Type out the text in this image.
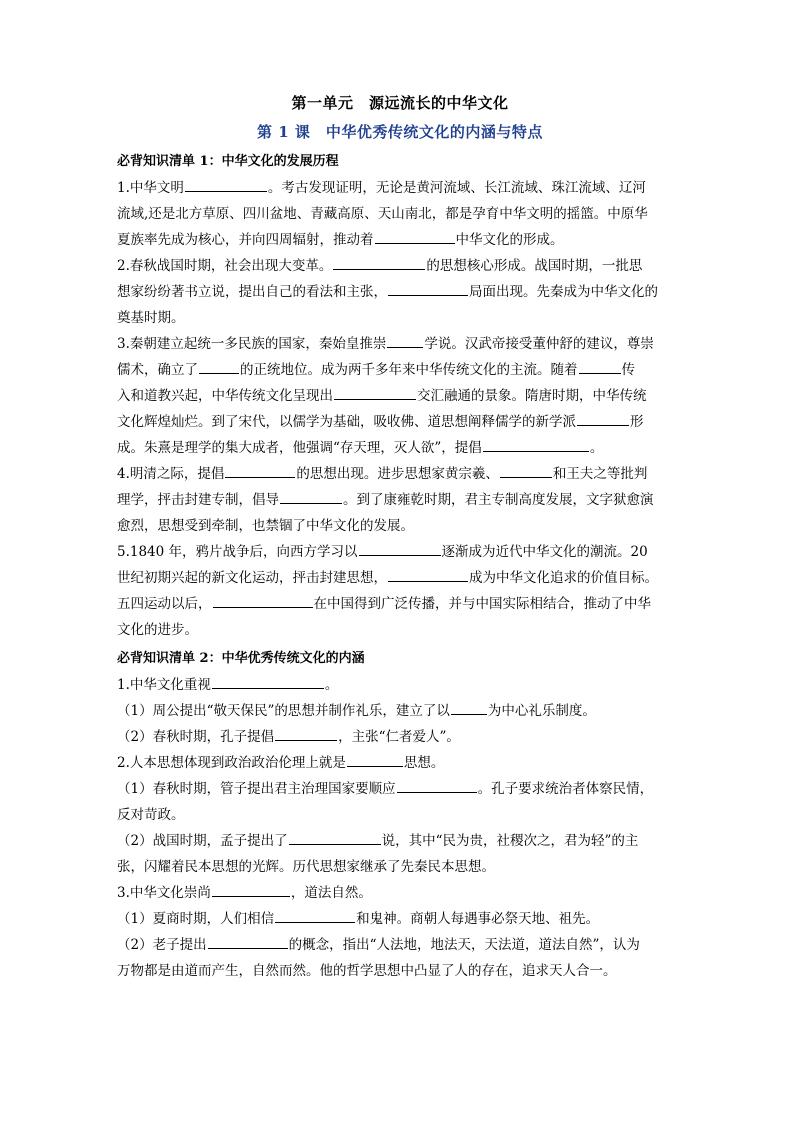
第一单元　源远流长的中华文化

第 1 课　中华优秀传统文化的内涵与特点

必背知识清单 1：中华文化的发展历程

1.中华文明	。考古发现证明，无论是黄河流域、长江流域、珠江流域、辽河
流域,还是北方草原、四川盆地、青藏高原、天山南北，都是孕育中华文明的摇篮。中原华
夏族率先成为核心，并向四周辐射，推动着	中华文化的形成。

2.春秋战国时期，社会出现大变革。	的思想核心形成。战国时期，一批思
想家纷纷著书立说，提出自己的看法和主张，	局面出现。先秦成为中华文化的
奠基时期。

3.秦朝建立起统一多民族的国家，秦始皇推崇	学说。汉武帝接受董仲舒的建议，尊崇
儒术，确立了	的正统地位。成为两千多年来中华传统文化的主流。随着	传
入和道教兴起，中华传统文化呈现出	交汇融通的景象。隋唐时期，中华传统
文化辉煌灿烂。到了宋代，以儒学为基础，吸收佛、道思想阐释儒学的新学派	形
成。朱熹是理学的集大成者，他强调“存天理，灭人欲”，提倡	。

4.明清之际，提倡	的思想出现。进步思想家黄宗羲、	和王夫之等批判
理学，抨击封建专制，倡导	。到了康雍乾时期，君主专制高度发展，文字狱愈演
愈烈，思想受到牵制，也禁锢了中华文化的发展。

5.1840 年，鸦片战争后，向西方学习以	逐渐成为近代中华文化的潮流。20
世纪初期兴起的新文化运动，抨击封建思想，	成为中华文化追求的价值目标。
五四运动以后，	在中国得到广泛传播，并与中国实际相结合，推动了中华
文化的进步。

必背知识清单 2：中华优秀传统文化的内涵

1.中华文化重视	。

（1）周公提出“敬天保民”的思想并制作礼乐，建立了以	为中心礼乐制度。

（2）春秋时期，孔子提倡	，主张“仁者爱人”。

2.人本思想体现到政治政治伦理上就是	思想。

（1）春秋时期，管子提出君主治理国家要顺应	。孔子要求统治者体察民情，
反对苛政。

（2）战国时期，孟子提出了	说，其中“民为贵，社稷次之，君为轻”的主
张，闪耀着民本思想的光辉。历代思想家继承了先秦民本思想。

3.中华文化崇尚	，道法自然。

（1）夏商时期，人们相信	和鬼神。商朝人每遇事必祭天地、祖先。

（2）老子提出	的概念，指出“人法地，地法天，天法道，道法自然”，认为
万物都是由道而产生，自然而然。他的哲学思想中凸显了人的存在，追求天人合一。
